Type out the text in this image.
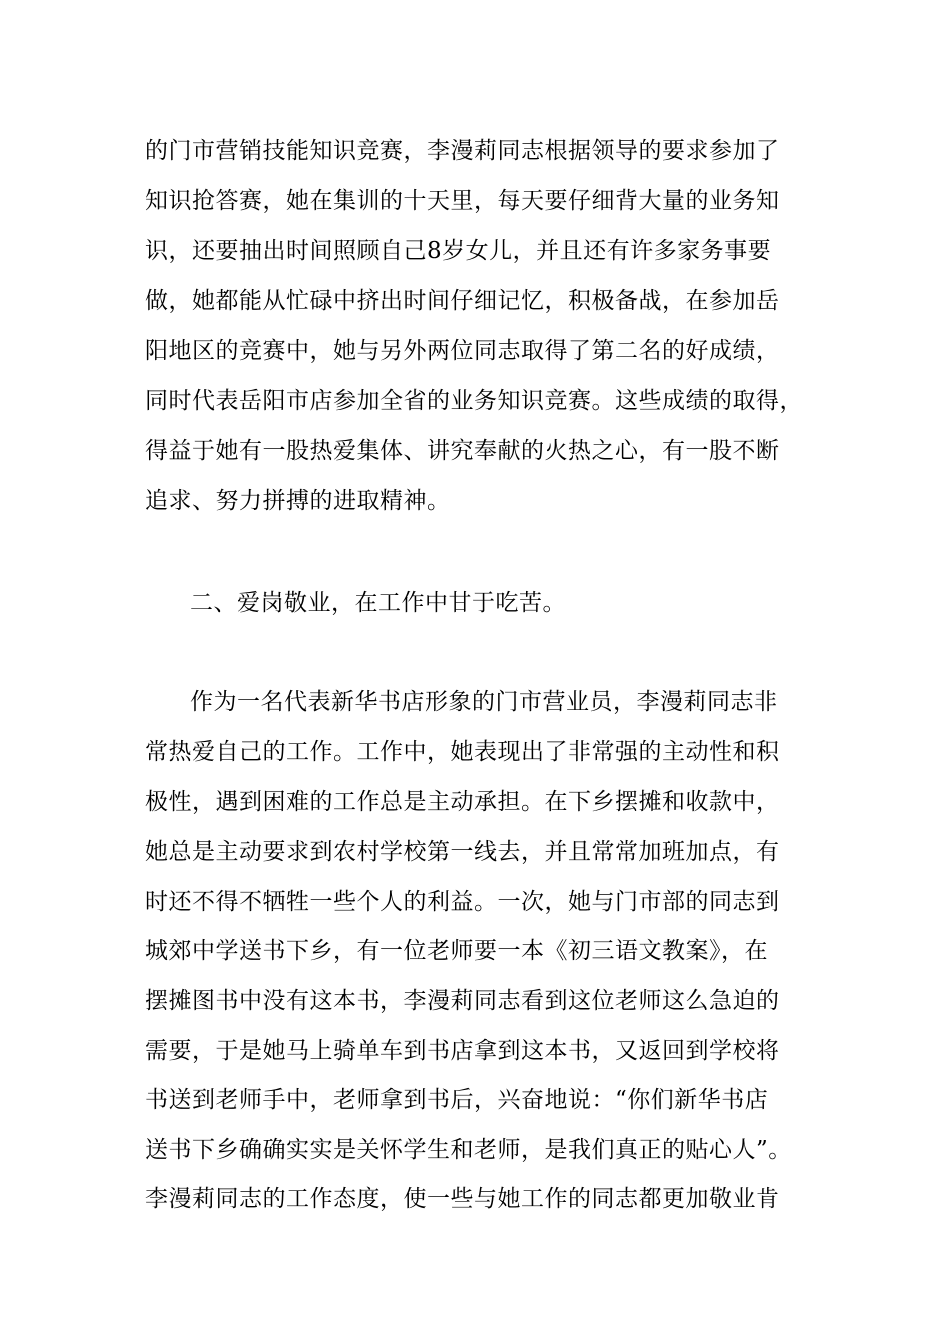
的门市营销技能知识竞赛，李漫莉同志根据领导的要求参加了
知识抢答赛，她在集训的十天里，每天要仔细背大量的业务知
识，还要抽出时间照顾自己8岁女儿，并且还有许多家务事要
做，她都能从忙碌中挤出时间仔细记忆，积极备战，在参加岳
阳地区的竞赛中，她与另外两位同志取得了第二名的好成绩，
同时代表岳阳市店参加全省的业务知识竞赛。这些成绩的取得，
得益于她有一股热爱集体、讲究奉献的火热之心，有一股不断
追求、努力拼搏的进取精神。
二、爱岗敬业，在工作中甘于吃苦。
作为一名代表新华书店形象的门市营业员，李漫莉同志非
常热爱自己的工作。工作中，她表现出了非常强的主动性和积
极性，遇到困难的工作总是主动承担。在下乡摆摊和收款中，
她总是主动要求到农村学校第一线去，并且常常加班加点，有
时还不得不牺牲一些个人的利益。一次，她与门市部的同志到
城郊中学送书下乡，有一位老师要一本《初三语文教案》，在
摆摊图书中没有这本书，李漫莉同志看到这位老师这么急迫的
需要，于是她马上骑单车到书店拿到这本书，又返回到学校将
书送到老师手中，老师拿到书后，兴奋地说：“你们新华书店
送书下乡确确实实是关怀学生和老师，是我们真正的贴心人”。
李漫莉同志的工作态度，使一些与她工作的同志都更加敬业肯
